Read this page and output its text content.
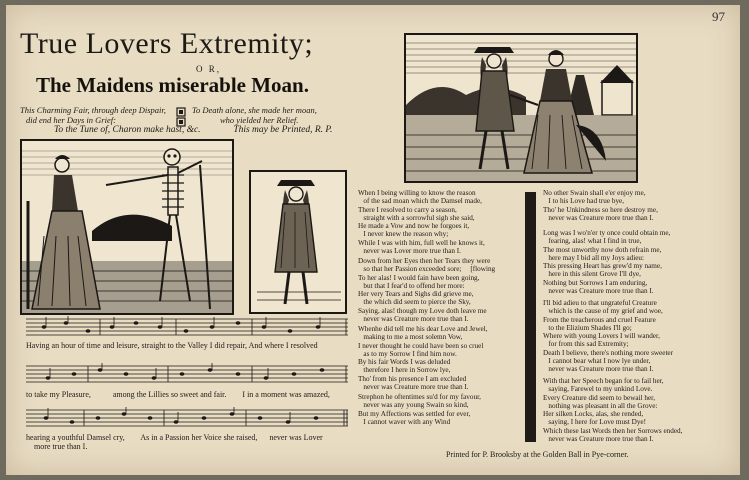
97
True Lovers Extremity;
O R,
The Maidens miserable Moan.
This Charming Fair, through deep Dispair,
did end her Days in Grief:
To Death alone, she made her moan,
who yielded her Relief.
To the Tune of, Charon make hast, &c.	This may be Printed, R. P.
Having an hour of time and leisure, straight to the Valley I did repair, And where I resolved
to take my Pleasure,	among the Lillies so sweet and fair. I in a moment was amazed,
hearing a youthful Damsel cry, As in a Passion her Voice she raised, never was Lover
more true than I.
When I being willing to know the reason
of the sad moan which the Damsel made,
There I resolved to carry a season,
straight with a sorrowful sigh she said,
He made a Vow and now he forgoes it,
I never knew the reason why;
While I was with him, full well he knows it,
never was Lover more true than I.
Down from her Eyes then her Tears they were
so that her Passion exceeded sore;     [flowing
To her alas! I would fain have been going,
but that I fear'd to offend her more:
Her very Tears and Sighs did grieve me,
the which did seem to pierce the Sky,
Saying, alas! though my Love doth leave me
never was Creature more true than I.
Whenhe did tell me his dear Love and Jewel,
making to me a most solemn Vow,
I never thought he could have been so cruel
as to my Sorrow I find him now.
By his fair Words I was deluded
therefore I here in Sorrow lye,
Tho' from his presence I am excluded
never was Creature more true than I.
Strephon he oftentimes su'd for my favour,
never was any young Swain so kind,
But my Affections was settled for ever,
I cannot waver with any Wind
No other Swain shall e'er enjoy me,
I to his Love had true bye,
Tho' he Unkindness so here destroy me,
never was Creature more true than I.
Long was I wo'n'er ty once could obtain me,
fearing, alas! what I find in true,
The most unworthy now doth refrain me,
here may I bid all my Joys adieu:
This pressing Heart has grew'd my name,
here in this silent Grove I'll dye,
Nothing but Sorrows I am enduring,
never was Creature more true than I.
I'll bid adieu to that ungrateful Creature
which is the cause of my grief and woe,
From the treacherous and cruel Feature
to the Elizium Shades I'll go;
Where with young Lovers I will wander,
for from this sad Extremity;
Death I believe, there's nothing more sweeter
I cannot bear what I now lye under,
never was Creature more true than I.
With that her Speech began for to fail her,
saying, Farewel to my unkind Love.
Every Creature did seem to bewail her,
nothing was pleasant in all the Grove:
Her silken Locks, alas, she rended,
saying, I here for Love must Dye!
Which these last Words then her Sorrows ended,
never was Creature more true than I.
Printed for P. Brooksby at the Golden Ball in Pye-corner.
